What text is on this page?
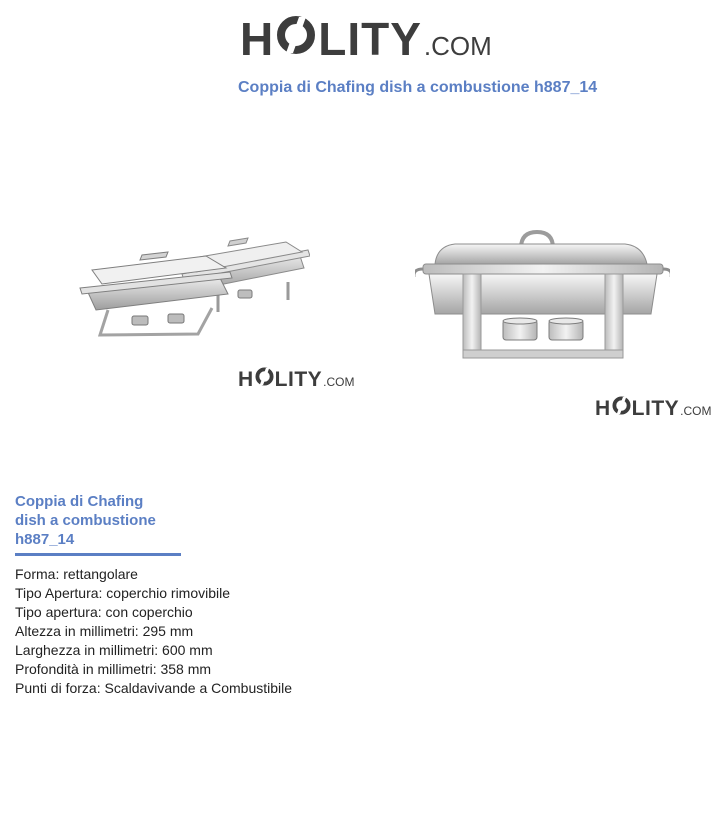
H LITY .COM
Coppia di Chafing dish a combustione h887_14
H LITY .COM
H LITY .COM
Coppia di Chafing
dish a combustione
h887_14
Forma: rettangolare
Tipo Apertura: coperchio rimovibile
Tipo apertura: con coperchio
Altezza in millimetri: 295 mm
Larghezza in millimetri: 600 mm
Profondità in millimetri: 358 mm
Punti di forza: Scaldavivande a Combustibile
